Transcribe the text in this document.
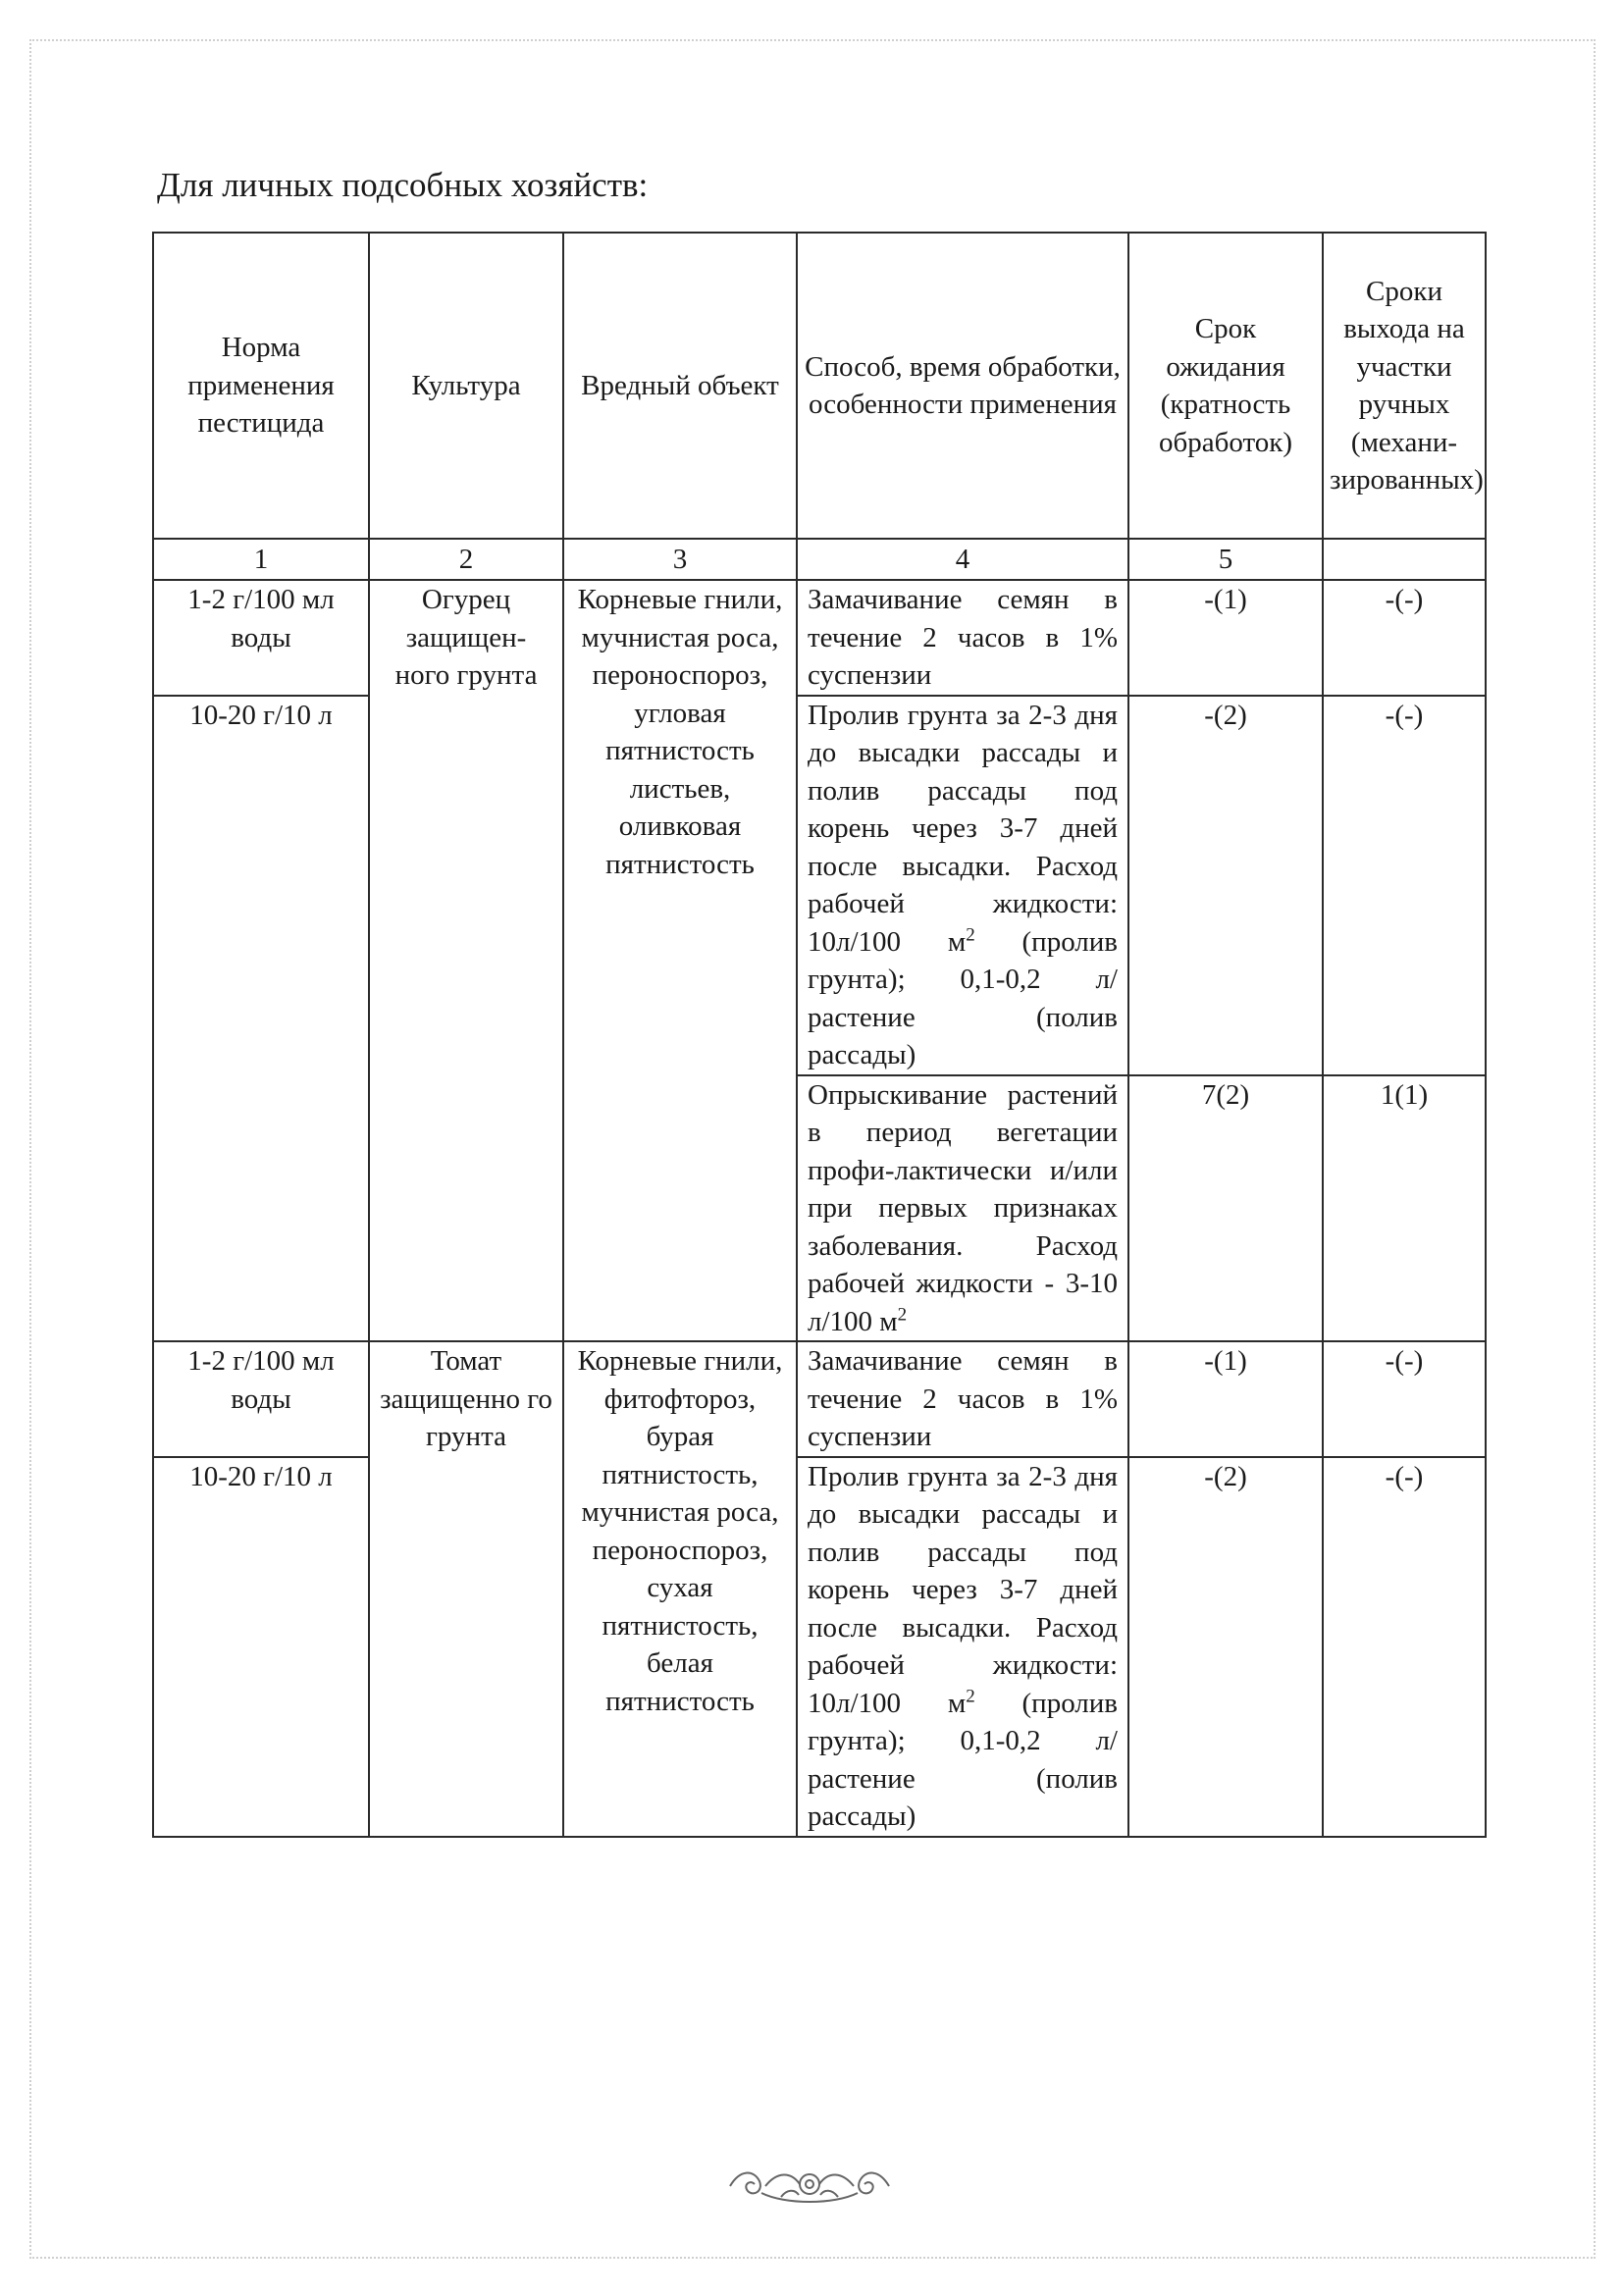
Для личных подсобных хозяйств:
Норма применения пестицида	Культура	Вредный объект	Способ, время обработки, особенности применения	Срок ожидания (кратность обработок)	Сроки выхода на участки ручных (механи-зированных)
1	2	3	4	5	
1-2 г/100 мл воды	Огурец защищен-ного грунта	Корневые гнили, мучнистая роса, пероноспороз, угловая пятнистость листьев, оливковая пятнистость	Замачивание семян в течение 2 часов в 1% суспензии	-(1)	-(-)
10-20 г/10 л			Пролив грунта за 2-3 дня до высадки рассады и полив рассады под корень через 3-7 дней после высадки. Расход рабочей жидкости: 10л/100 $м^2$ (пролив грунта); 0,1-0,2 л/растение (полив рассады)	-(2)	-(-)
			Опрыскивание растений в период вегетации профи-лактически и/или при первых признаках заболевания. Расход рабочей жидкости - 3-10 л/100 $м^2$	7(2)	1(1)
1-2 г/100 мл воды	Томат защищенно го грунта	Корневые гнили, фитофтороз, бурая пятнистость, мучнистая роса, пероноспороз, сухая пятнистость, белая пятнистость	Замачивание семян в течение 2 часов в 1% суспензии	-(1)	-(-)
10-20 г/10 л			Пролив грунта за 2-3 дня до высадки рассады и полив рассады под корень через 3-7 дней после высадки. Расход рабочей жидкости: 10л/100 $м^2$ (пролив грунта); 0,1-0,2 л/растение (полив рассады)	-(2)	-(-)
